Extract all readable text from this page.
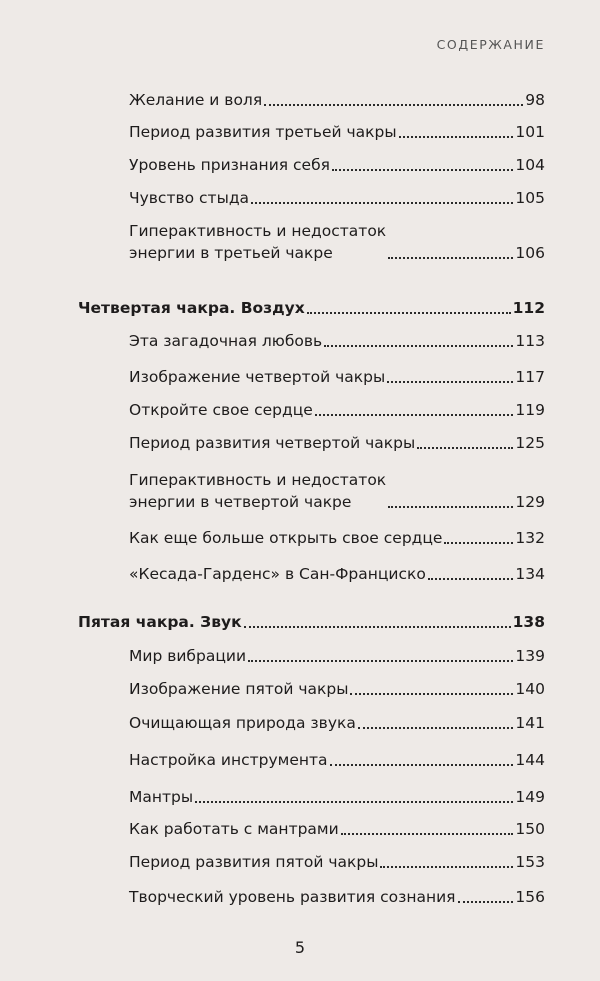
СОДЕРЖАНИЕ
Желание и воля	98
Период развития третьей чакры	101
Уровень признания себя	104
Чувство стыда	105
Гиперактивность и недостаток
энергии в третьей чакре	106
Четвертая чакра. Воздух	112
Эта загадочная любовь	113
Изображение четвертой чакры	117
Откройте свое сердце	119
Период развития четвертой чакры	125
Гиперактивность и недостаток
энергии в четвертой чакре	129
Как еще больше открыть свое сердце	132
«Кесада-Гарденс» в Сан-Франциско	134
Пятая чакра. Звук	138
Мир вибрации	139
Изображение пятой чакры	140
Очищающая природа звука	141
Настройка инструмента	144
Мантры	149
Как работать с мантрами	150
Период развития пятой чакры	153
Творческий уровень развития сознания	156
5
